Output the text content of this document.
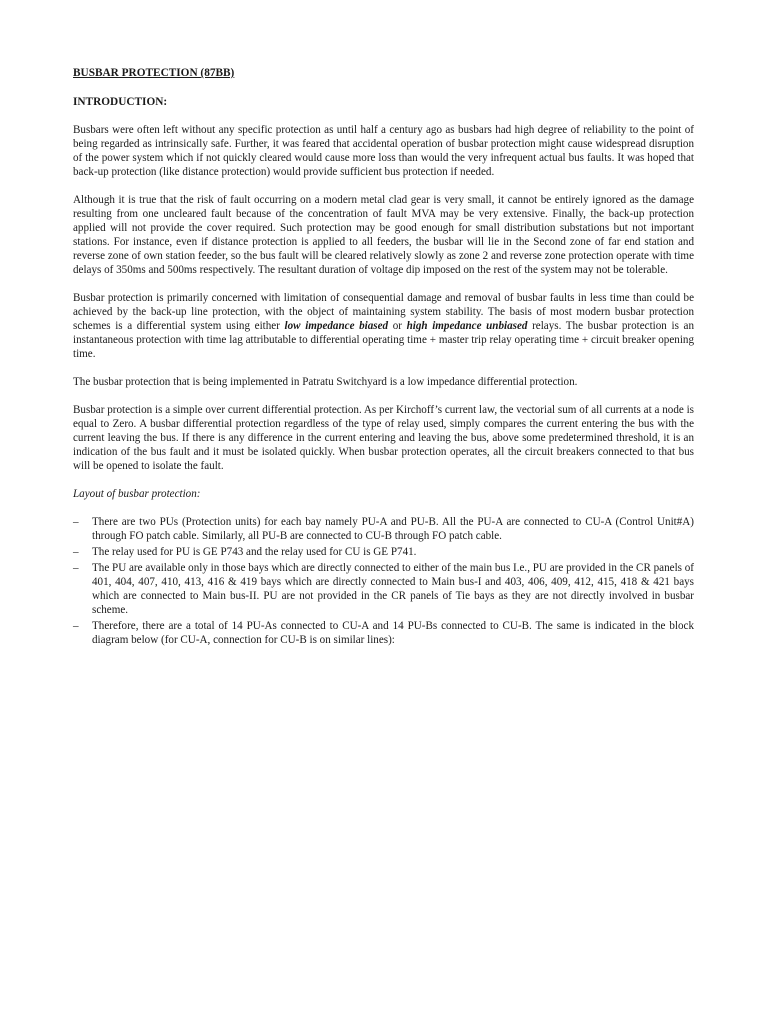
BUSBAR PROTECTION (87BB)
INTRODUCTION:

Busbars were often left without any specific protection as until half a century ago as busbars had high degree of reliability to the point of being regarded as intrinsically safe. Further, it was feared that accidental operation of busbar protection might cause widespread disruption of the power system which if not quickly cleared would cause more loss than would the very infrequent actual bus faults. It was hoped that back-up protection (like distance protection) would provide sufficient bus protection if needed.

Although it is true that the risk of fault occurring on a modern metal clad gear is very small, it cannot be entirely ignored as the damage resulting from one uncleared fault because of the concentration of fault MVA may be very extensive. Finally, the back-up protection applied will not provide the cover required. Such protection may be good enough for small distribution substations but not important stations. For instance, even if distance protection is applied to all feeders, the busbar will lie in the Second zone of far end station and reverse zone of own station feeder, so the bus fault will be cleared relatively slowly as zone 2 and reverse zone protection operate with time delays of 350ms and 500ms respectively. The resultant duration of voltage dip imposed on the rest of the system may not be tolerable.

Busbar protection is primarily concerned with limitation of consequential damage and removal of busbar faults in less time than could be achieved by the back-up line protection, with the object of maintaining system stability. The basis of most modern busbar protection schemes is a differential system using either low impedance biased or high impedance unbiased relays. The busbar protection is an instantaneous protection with time lag attributable to differential operating time + master trip relay operating time + circuit breaker opening time.

The busbar protection that is being implemented in Patratu Switchyard is a low impedance differential protection.

Busbar protection is a simple over current differential protection. As per Kirchoff’s current law, the vectorial sum of all currents at a node is equal to Zero. A busbar differential protection regardless of the type of relay used, simply compares the current entering the bus with the current leaving the bus. If there is any difference in the current entering and leaving the bus, above some predetermined threshold, it is an indication of the bus fault and it must be isolated quickly. When busbar protection operates, all the circuit breakers connected to that bus will be opened to isolate the fault.

Layout of busbar protection:
– There are two PUs (Protection units) for each bay namely PU-A and PU-B. All the PU-A are connected to CU-A (Control Unit#A) through FO patch cable. Similarly, all PU-B are connected to CU-B through FO patch cable.
– The relay used for PU is GE P743 and the relay used for CU is GE P741.
– The PU are available only in those bays which are directly connected to either of the main bus I.e., PU are provided in the CR panels of 401, 404, 407, 410, 413, 416 & 419 bays which are directly connected to Main bus-I and 403, 406, 409, 412, 415, 418 & 421 bays which are connected to Main bus-II. PU are not provided in the CR panels of Tie bays as they are not directly involved in busbar scheme.
– Therefore, there are a total of 14 PU-As connected to CU-A and 14 PU-Bs connected to CU-B. The same is indicated in the block diagram below (for CU-A, connection for CU-B is on similar lines):
